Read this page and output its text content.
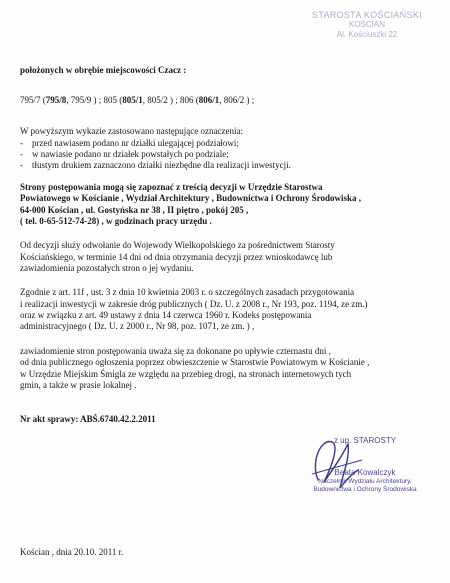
STAROSTA KOŚCIAŃSKI
KOŚCIAN
Al. Kościuszki 22
położonych w obrębie miejscowości Czacz :
795/7 (795/8, 795/9 ) ; 805 (805/1, 805/2 ) ; 806 (806/1, 806/2 ) ;
W powyższym wykazie zastosowano następujące oznaczenia:
- przed nawiasem podano nr działki ulegającej podziałowi;
- w nawiasie podano nr działek powstałych po podziale;
- tłustym drukiem zaznaczono działki niezbędne dla realizacji inwestycji.
Strony postępowania mogą się zapoznać z treścią decyzji w Urzędzie Starostwa
Powiatowego w Kościanie , Wydział Architektury , Budownictwa i Ochrony Środowiska ,
64-000 Kościan , ul. Gostyńska nr 38 , II piętro , pokój 205 ,
( tel. 0-65-512-74-28) , w godzinach pracy urzędu .
Od decyzji służy odwołanie do Wojewody Wielkopolskiego za pośrednictwem Starosty
Kościańskiego, w terminie 14 dni od dnia otrzymania decyzji przez wnioskodawcę lub
zawiadomienia pozostałych stron o jej wydaniu.
Zgodnie z art. 11f , ust. 3 z dnia 10 kwietnia 2003 r. o szczególnych zasadach przygotowania
i realizacji inwestycji w zakresie dróg publicznych ( Dz. U. z 2008 r., Nr 193, poz. 1194, ze zm.)
oraz w związku z art. 49 ustawy z dnia 14 czerwca 1960 r. Kodeks postępowania
administracyjnego ( Dz. U. z 2000 r., Nr 98, poz. 1071, ze zm. ) ,
zawiadomienie stron postępowania uważa się za dokonane po upływie czternastu dni ,
od dnia publicznego ogłoszenia poprzez obwieszczenie w Starostwie Powiatowym w Kościanie ,
w Urzędzie Miejskim Śmigla ze względu na przebieg drogi, na stronach internetowych tych
gmin, a także w prasie lokalnej .
Nr akt sprawy: ABŚ.6740.42.2.2011
z up. STAROSTY
Beata Kowalczyk
Naczelnik Wydziału Architektury,
Budownictwa i Ochrony Środowiska
Kościan , dnia 20.10. 2011 r.
